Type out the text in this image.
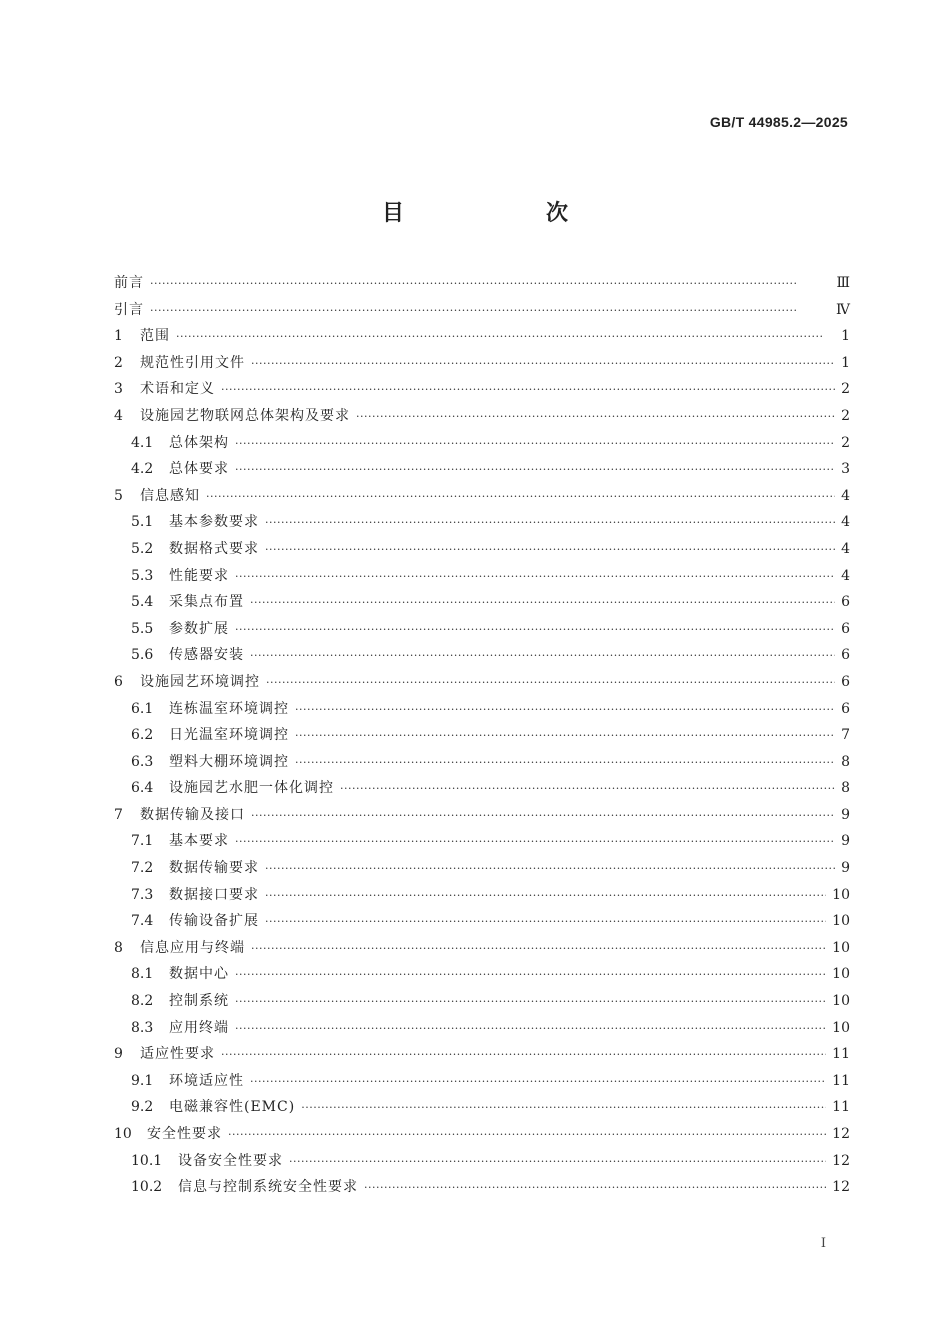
GB/T 44985.2—2025
目　次
前言 ·····	Ⅲ
引言 ·····	Ⅳ
1	范围 ·····	1
2	规范性引用文件 ·····	1
3	术语和定义 ·····	2
4	设施园艺物联网总体架构及要求 ·····	2
4.1	总体架构 ·····	2
4.2	总体要求 ·····	3
5	信息感知 ·····	4
5.1	基本参数要求 ·····	4
5.2	数据格式要求 ·····	4
5.3	性能要求 ·····	4
5.4	采集点布置 ·····	6
5.5	参数扩展 ·····	6
5.6	传感器安装 ·····	6
6	设施园艺环境调控 ·····	6
6.1	连栋温室环境调控 ·····	6
6.2	日光温室环境调控 ·····	7
6.3	塑料大棚环境调控 ·····	8
6.4	设施园艺水肥一体化调控 ·····	8
7	数据传输及接口 ·····	9
7.1	基本要求 ·····	9
7.2	数据传输要求 ·····	9
7.3	数据接口要求 ·····	10
7.4	传输设备扩展 ·····	10
8	信息应用与终端 ·····	10
8.1	数据中心 ·····	10
8.2	控制系统 ·····	10
8.3	应用终端 ·····	10
9	适应性要求 ·····	11
9.1	环境适应性 ·····	11
9.2	电磁兼容性(EMC) ·····	11
10	安全性要求 ·····	12
10.1	设备安全性要求 ·····	12
10.2	信息与控制系统安全性要求 ·····	12
I
